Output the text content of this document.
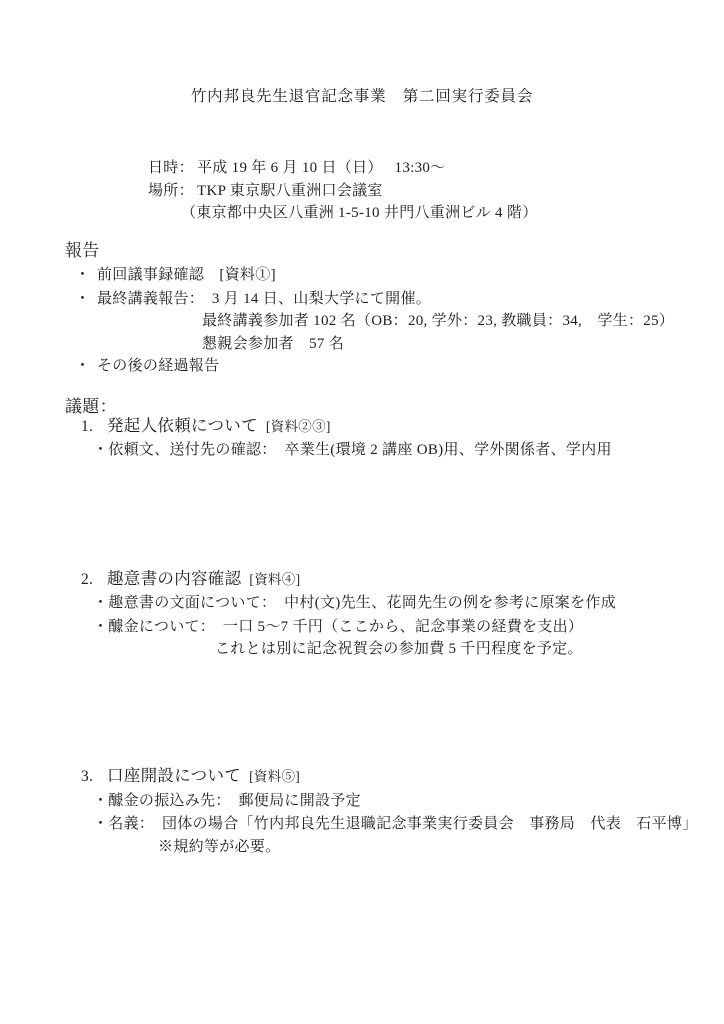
竹内邦良先生退官記念事業　第二回実行委員会
日時： 平成 19 年 6 月 10 日（日）　 13:30～
場所： TKP 東京駅八重洲口会議室
（東京都中央区八重洲 1-5-10 井門八重洲ビル 4 階）
報告
・ 前回議事録確認　[資料①]
・ 最終講義報告：　3 月 14 日、山梨大学にて開催。
最終講義参加者 102 名（OB：20, 学外：23, 教職員：34,　学生：25）
懇親会参加者　57 名
・ その後の経過報告
議題：
1. 発起人依頼について [資料②③]
・依頼文、送付先の確認：　卒業生(環境 2 講座 OB)用、学外関係者、学内用
2. 趣意書の内容確認 [資料④]
・趣意書の文面について：　中村(文)先生、花岡先生の例を参考に原案を作成
・醵金について：　一口 5～7 千円（ここから、記念事業の経費を支出）
これとは別に記念祝賀会の参加費 5 千円程度を予定。
3. 口座開設について [資料⑤]
・醵金の振込み先：　郵便局に開設予定
・名義：　団体の場合「竹内邦良先生退職記念事業実行委員会　事務局　代表　石平博」
※規約等が必要。
